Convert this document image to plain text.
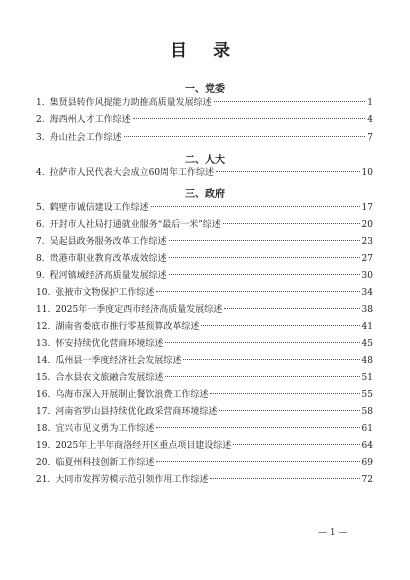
目 录
一、党委
二、人大
三、政府
1. 集贤县转作风提能力助推高质量发展综述	1
2. 海西州人才工作综述	4
3. 舟山社会工作综述	7
4. 拉萨市人民代表大会成立60周年工作综述	10
5. 鹤壁市诚信建设工作综述	17
6. 开封市人社局打通就业服务“最后一米”综述	20
7. 吴起县政务服务改革工作综述	23
8. 贵港市职业教育改革成效综述	27
9. 程河镇域经济高质量发展综述	30
10. 张掖市文物保护工作综述	34
11. 2025年一季度定西市经济高质量发展综述	38
12. 湖南省娄底市推行零基预算改革综述	41
13. 怀安持续优化营商环境综述	45
14. 瓜州县一季度经济社会发展综述	48
15. 合水县农文旅融合发展综述	51
16. 乌海市深入开展制止餐饮浪费工作综述	55
17. 河南省罗山县持续优化政采营商环境综述	58
18. 宜兴市见义勇为工作综述	61
19. 2025年上半年商洛经开区重点项目建设综述	64
20. 临夏州科技创新工作综述	69
21. 大同市发挥劳模示范引领作用工作综述	72
— 1 —
